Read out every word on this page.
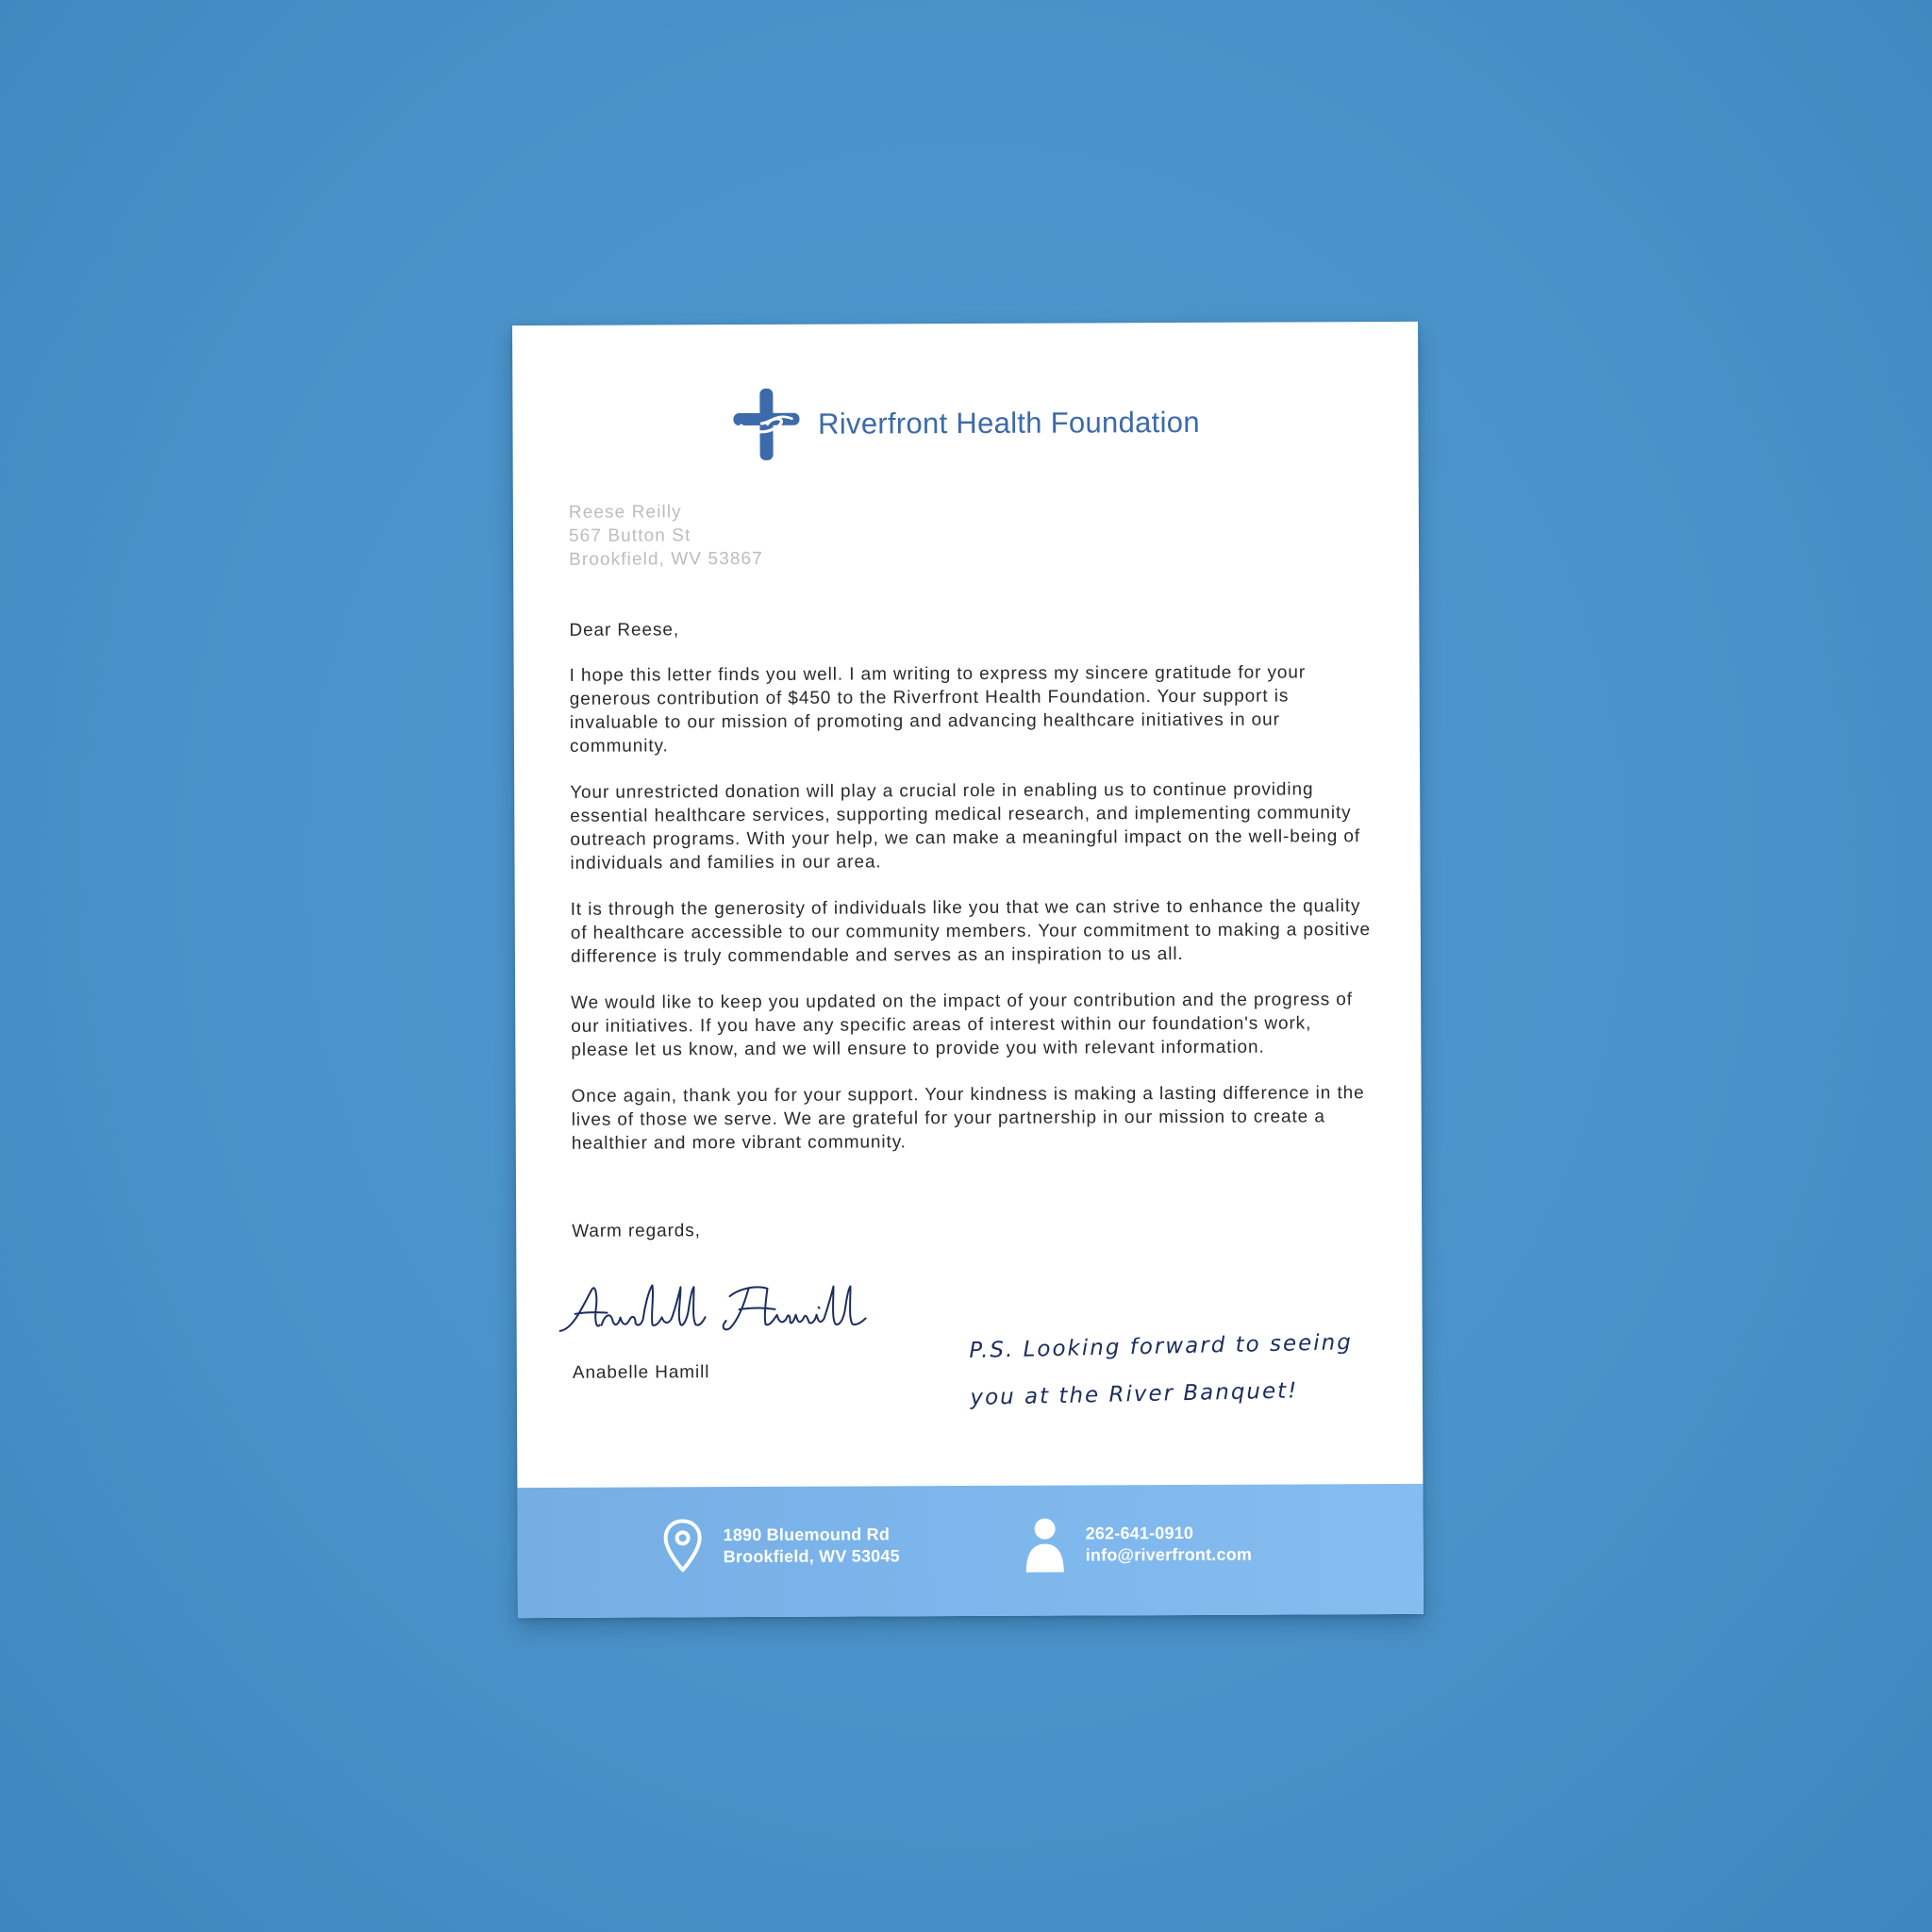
Riverfront Health Foundation
Reese Reilly
567 Button St
Brookfield, WV 53867

Dear Reese,

I hope this letter finds you well. I am writing to express my sincere gratitude for your generous contribution of $450 to the Riverfront Health Foundation. Your support is invaluable to our mission of promoting and advancing healthcare initiatives in our community.

Your unrestricted donation will play a crucial role in enabling us to continue providing essential healthcare services, supporting medical research, and implementing community outreach programs. With your help, we can make a meaningful impact on the well-being of individuals and families in our area.

It is through the generosity of individuals like you that we can strive to enhance the quality of healthcare accessible to our community members. Your commitment to making a positive difference is truly commendable and serves as an inspiration to us all.

We would like to keep you updated on the impact of your contribution and the progress of our initiatives. If you have any specific areas of interest within our foundation's work, please let us know, and we will ensure to provide you with relevant information.

Once again, thank you for your support. Your kindness is making a lasting difference in the lives of those we serve. We are grateful for your partnership in our mission to create a healthier and more vibrant community.

Warm regards,
Anabelle Hamill
P.S. Looking forward to seeing
you at the River Banquet!
1890 Bluemound Rd
Brookfield, WV 53045
262-641-0910
info@riverfront.com
